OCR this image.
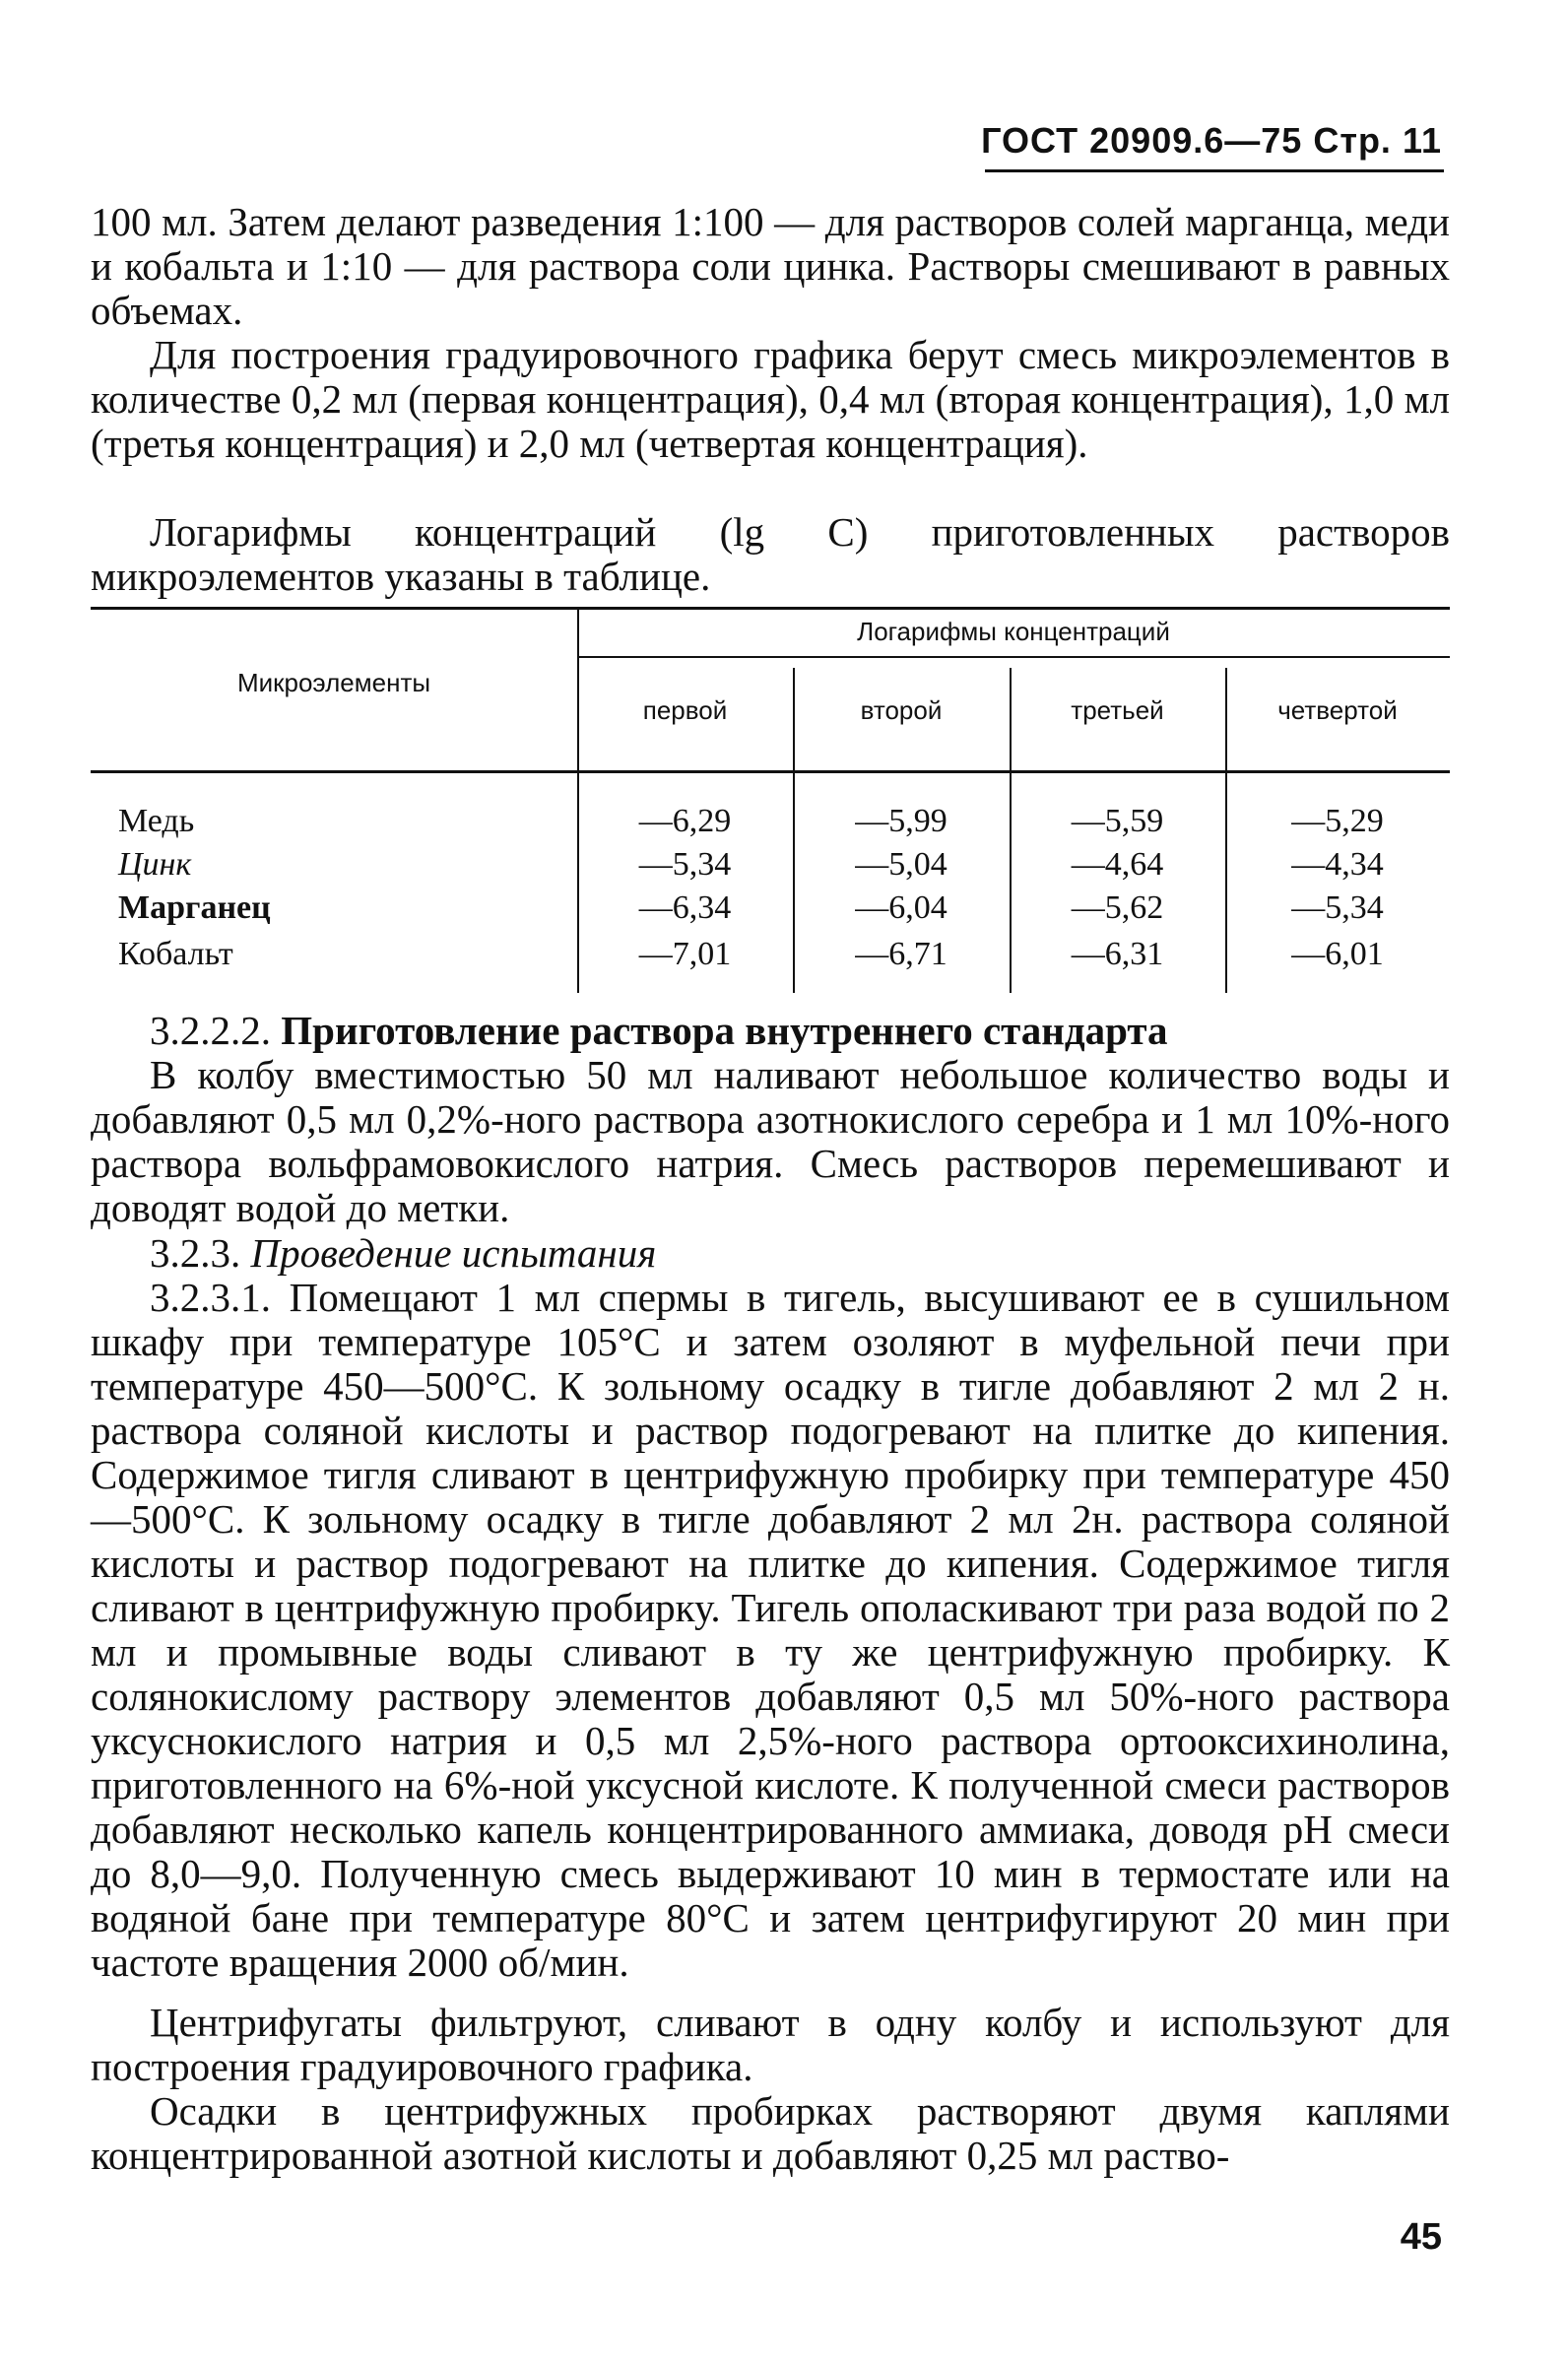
ГОСТ 20909.6—75 Стр. 11

100 мл. Затем делают разведения 1:100 — для растворов солей марганца, меди и кобальта и 1:10 — для раствора соли цинка. Растворы смешивают в равных объемах.

Для построения градуировочного графика берут смесь микроэлементов в количестве 0,2 мл (первая концентрация), 0,4 мл (вторая концентрация), 1,0 мл (третья концентрация) и 2,0 мл (четвертая концентрация).

Логарифмы концентраций (lg C) приготовленных растворов микроэлементов указаны в таблице.

Микроэлементы
Логарифмы концентраций
первой	второй	третьей	четвертой
Медь	—6,29	—5,99	—5,59	—5,29
Цинк	—5,34	—5,04	—4,64	—4,34
Марганец	—6,34	—6,04	—5,62	—5,34
Кобальт	—7,01	—6,71	—6,31	—6,01
3.2.2.2. Приготовление раствора внутреннего стандарта

В колбу вместимостью 50 мл наливают небольшое количество воды и добавляют 0,5 мл 0,2%-ного раствора азотнокислого серебра и 1 мл 10%-ного раствора вольфрамовокислого натрия. Смесь растворов перемешивают и доводят водой до метки.

3.2.3. Проведение испытания

3.2.3.1. Помещают 1 мл спермы в тигель, высушивают ее в сушильном шкафу при температуре 105°С и затем озоляют в муфельной печи при температуре 450—500°С. К зольному осадку в тигле добавляют 2 мл 2 н. раствора соляной кислоты и раствор подогревают на плитке до кипения. Содержимое тигля сливают в центрифужную пробирку при температуре 450—500°С. К зольному осадку в тигле добавляют 2 мл 2н. раствора соляной кислоты и раствор подогревают на плитке до кипения. Содержимое тигля сливают в центрифужную пробирку. Тигель ополаскивают три раза водой по 2 мл и промывные воды сливают в ту же центрифужную пробирку. К солянокислому раствору элементов добавляют 0,5 мл 50%-ного раствора уксуснокислого натрия и 0,5 мл 2,5%-ного раствора ортооксихинолина, приготовленного на 6%-ной уксусной кислоте. К полученной смеси растворов добавляют несколько капель концентрированного аммиака, доводя pH смеси до 8,0—9,0. Полученную смесь выдерживают 10 мин в термостате или на водяной бане при температуре 80°С и затем центрифугируют 20 мин при частоте вращения 2000 об/мин.

Центрифугаты фильтруют, сливают в одну колбу и используют для построения градуировочного графика.

Осадки в центрифужных пробирках растворяют двумя каплями концентрированной азотной кислоты и добавляют 0,25 мл раство-

45
